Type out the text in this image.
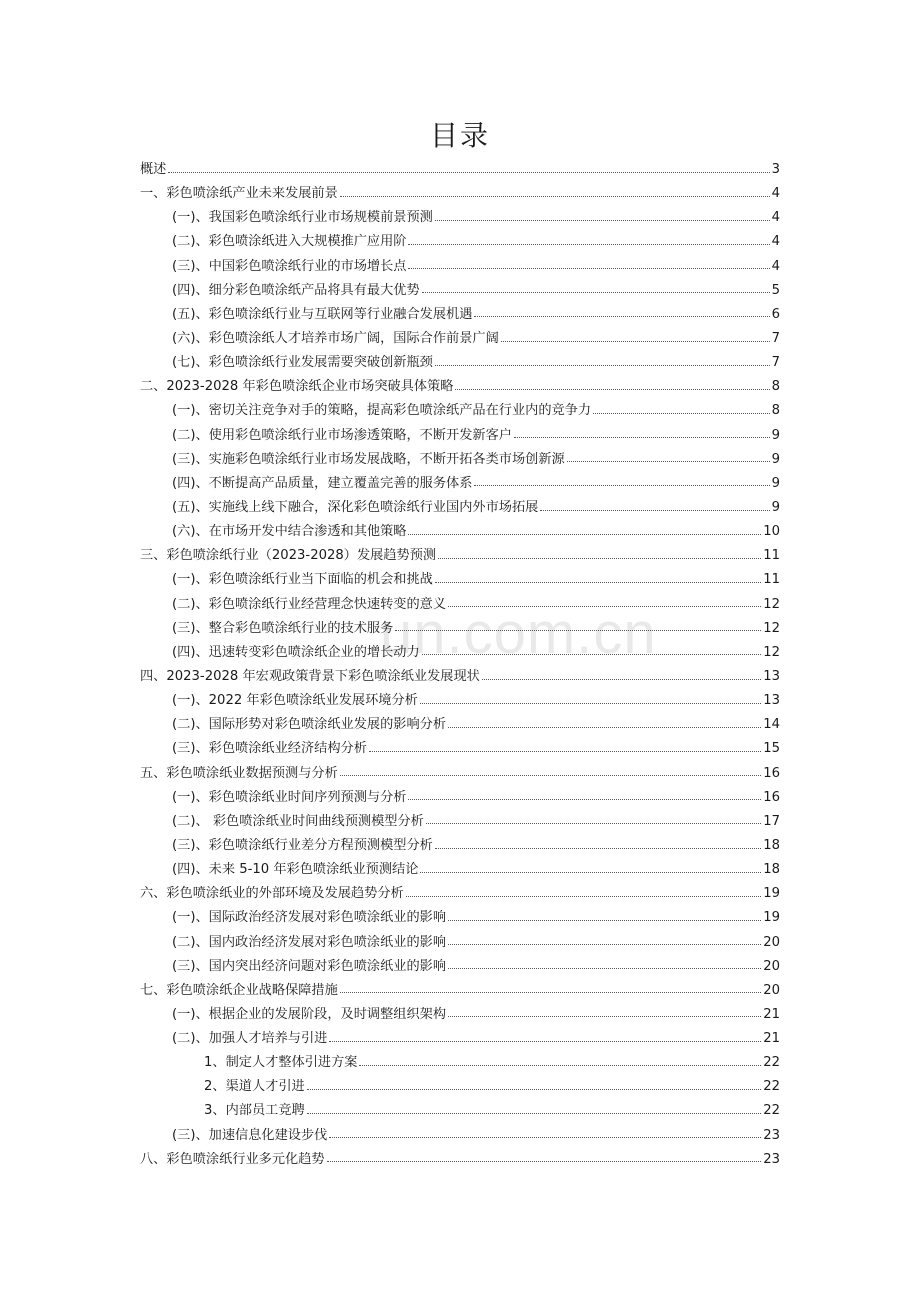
un.com.cn
目录
概述	3
一、彩色喷涂纸产业未来发展前景	4
(一)、我国彩色喷涂纸行业市场规模前景预测	4
(二)、彩色喷涂纸进入大规模推广应用阶	4
(三)、中国彩色喷涂纸行业的市场增长点	4
(四)、细分彩色喷涂纸产品将具有最大优势	5
(五)、彩色喷涂纸行业与互联网等行业融合发展机遇	6
(六)、彩色喷涂纸人才培养市场广阔，国际合作前景广阔	7
(七)、彩色喷涂纸行业发展需要突破创新瓶颈	7
二、2023-2028 年彩色喷涂纸企业市场突破具体策略	8
(一)、密切关注竞争对手的策略，提高彩色喷涂纸产品在行业内的竞争力	8
(二)、使用彩色喷涂纸行业市场渗透策略，不断开发新客户	9
(三)、实施彩色喷涂纸行业市场发展战略，不断开拓各类市场创新源	9
(四)、不断提高产品质量，建立覆盖完善的服务体系	9
(五)、实施线上线下融合，深化彩色喷涂纸行业国内外市场拓展	9
(六)、在市场开发中结合渗透和其他策略	10
三、彩色喷涂纸行业（2023-2028）发展趋势预测	11
(一)、彩色喷涂纸行业当下面临的机会和挑战	11
(二)、彩色喷涂纸行业经营理念快速转变的意义	12
(三)、整合彩色喷涂纸行业的技术服务	12
(四)、迅速转变彩色喷涂纸企业的增长动力	12
四、2023-2028 年宏观政策背景下彩色喷涂纸业发展现状	13
(一)、2022 年彩色喷涂纸业发展环境分析	13
(二)、国际形势对彩色喷涂纸业发展的影响分析	14
(三)、彩色喷涂纸业经济结构分析	15
五、彩色喷涂纸业数据预测与分析	16
(一)、彩色喷涂纸业时间序列预测与分析	16
(二)、 彩色喷涂纸业时间曲线预测模型分析	17
(三)、彩色喷涂纸行业差分方程预测模型分析	18
(四)、未来 5-10 年彩色喷涂纸业预测结论	18
六、彩色喷涂纸业的外部环境及发展趋势分析	19
(一)、国际政治经济发展对彩色喷涂纸业的影响	19
(二)、国内政治经济发展对彩色喷涂纸业的影响	20
(三)、国内突出经济问题对彩色喷涂纸业的影响	20
七、彩色喷涂纸企业战略保障措施	20
(一)、根据企业的发展阶段，及时调整组织架构	21
(二)、加强人才培养与引进	21
1、制定人才整体引进方案	22
2、渠道人才引进	22
3、内部员工竞聘	22
(三)、加速信息化建设步伐	23
八、彩色喷涂纸行业多元化趋势	23
